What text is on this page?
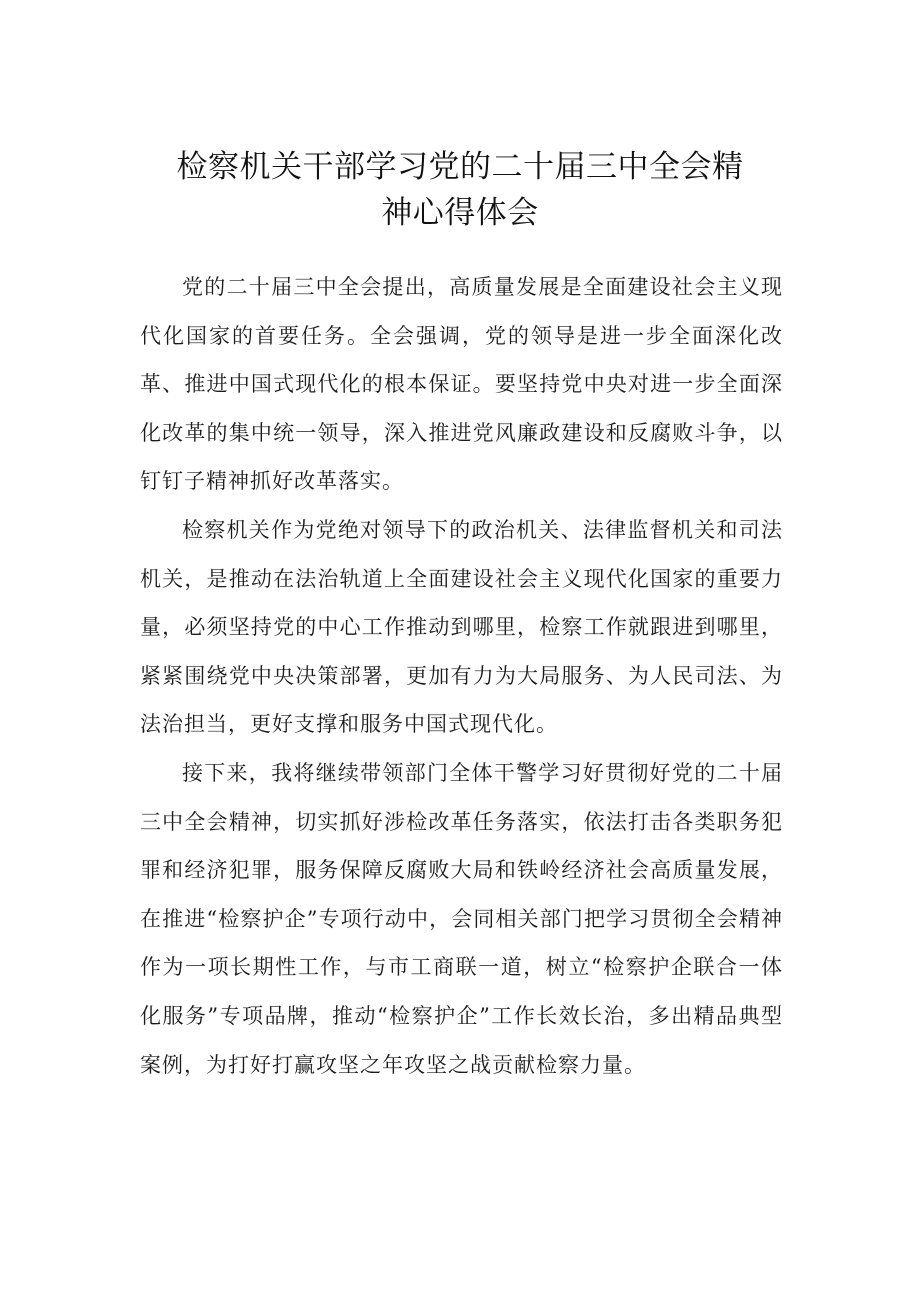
检察机关干部学习党的二十届三中全会精
神心得体会

党的二十届三中全会提出，高质量发展是全面建设社会主义现代化国家的首要任务。全会强调，党的领导是进一步全面深化改革、推进中国式现代化的根本保证。要坚持党中央对进一步全面深化改革的集中统一领导，深入推进党风廉政建设和反腐败斗争，以钉钉子精神抓好改革落实。

检察机关作为党绝对领导下的政治机关、法律监督机关和司法机关，是推动在法治轨道上全面建设社会主义现代化国家的重要力量，必须坚持党的中心工作推动到哪里，检察工作就跟进到哪里，紧紧围绕党中央决策部署，更加有力为大局服务、为人民司法、为法治担当，更好支撑和服务中国式现代化。

接下来，我将继续带领部门全体干警学习好贯彻好党的二十届三中全会精神，切实抓好涉检改革任务落实，依法打击各类职务犯罪和经济犯罪，服务保障反腐败大局和铁岭经济社会高质量发展，在推进“检察护企”专项行动中，会同相关部门把学习贯彻全会精神作为一项长期性工作，与市工商联一道，树立“检察护企联合一体化服务”专项品牌，推动“检察护企”工作长效长治，多出精品典型案例，为打好打赢攻坚之年攻坚之战贡献检察力量。
